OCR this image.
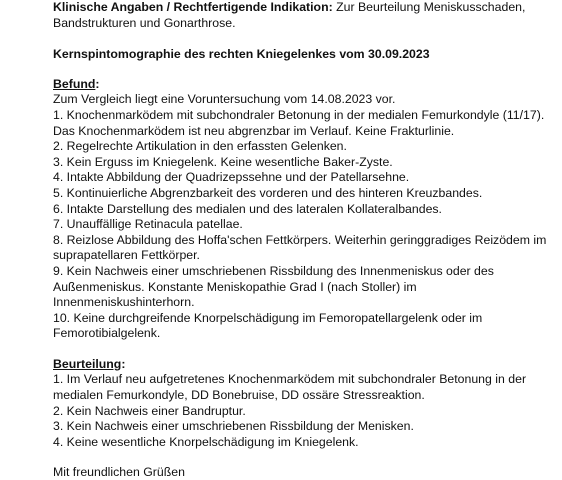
Klinische Angaben / Rechtfertigende Indikation: Zur Beurteilung Meniskusschaden,
Bandstrukturen und Gonarthrose.

Kernspintomographie des rechten Kniegelenkes vom 30.09.2023

Befund:

Zum Vergleich liegt eine Voruntersuchung vom 14.08.2023 vor.

1. Knochenmarködem mit subchondraler Betonung in der medialen Femurkondyle (11/17).
Das Knochenmarködem ist neu abgrenzbar im Verlauf. Keine Frakturlinie.
2. Regelrechte Artikulation in den erfassten Gelenken.
3. Kein Erguss im Kniegelenk. Keine wesentliche Baker-Zyste.
4. Intakte Abbildung der Quadrizepssehne und der Patellarsehne.
5. Kontinuierliche Abgrenzbarkeit des vorderen und des hinteren Kreuzbandes.
6. Intakte Darstellung des medialen und des lateralen Kollateralbandes.
7. Unauffällige Retinacula patellae.
8. Reizlose Abbildung des Hoffa'schen Fettkörpers. Weiterhin geringgradiges Reizödem im
suprapatellaren Fettkörper.
9. Kein Nachweis einer umschriebenen Rissbildung des Innenmeniskus oder des
Außenmeniskus. Konstante Meniskopathie Grad I (nach Stoller) im
Innenmeniskushinterhorn.
10. Keine durchgreifende Knorpelschädigung im Femoropatellargelenk oder im
Femorotibialgelenk.

Beurteilung:

1. Im Verlauf neu aufgetretenes Knochenmarködem mit subchondraler Betonung in der
medialen Femurkondyle, DD Bonebruise, DD ossäre Stressreaktion.
2. Kein Nachweis einer Bandruptur.
3. Kein Nachweis einer umschriebenen Rissbildung der Menisken.
4. Keine wesentliche Knorpelschädigung im Kniegelenk.
Mit freundlichen Grüßen
